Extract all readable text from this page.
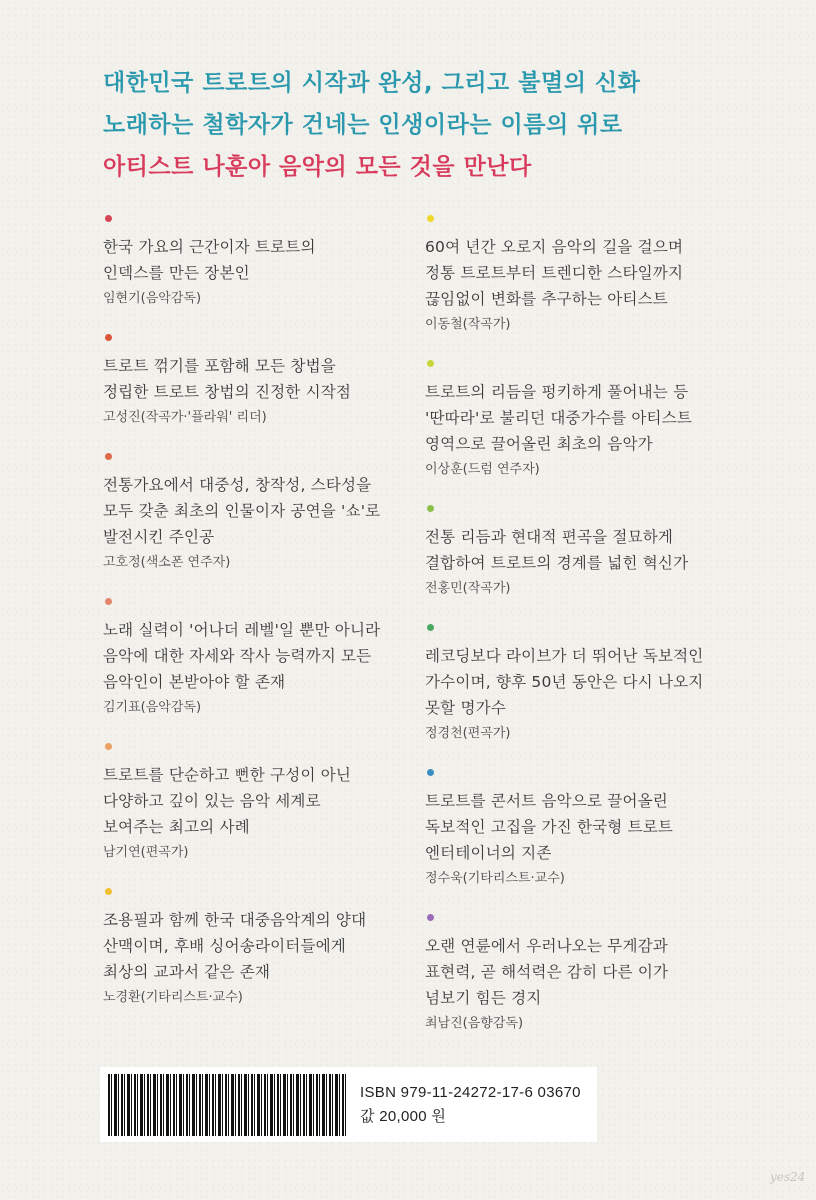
대한민국 트로트의 시작과 완성, 그리고 불멸의 신화
노래하는 철학자가 건네는 인생이라는 이름의 위로
아티스트 나훈아 음악의 모든 것을 만난다
한국 가요의 근간이자 트로트의
인덱스를 만든 장본인
임현기(음악감독)
트로트 꺾기를 포함해 모든 창법을
정립한 트로트 창법의 진정한 시작점
고성진(작곡가·'플라워' 리더)
전통가요에서 대중성, 창작성, 스타성을
모두 갖춘 최초의 인물이자 공연을 '쇼'로
발전시킨 주인공
고호정(색소폰 연주자)
노래 실력이 '어나더 레벨'일 뿐만 아니라
음악에 대한 자세와 작사 능력까지 모든
음악인이 본받아야 할 존재
김기표(음악감독)
트로트를 단순하고 뻔한 구성이 아닌
다양하고 깊이 있는 음악 세계로
보여주는 최고의 사례
남기연(편곡가)
조용필과 함께 한국 대중음악계의 양대
산맥이며, 후배 싱어송라이터들에게
최상의 교과서 같은 존재
노경환(기타리스트·교수)
60여 년간 오로지 음악의 길을 걸으며
정통 트로트부터 트렌디한 스타일까지
끊임없이 변화를 추구하는 아티스트
이동철(작곡가)
트로트의 리듬을 펑키하게 풀어내는 등
'딴따라'로 불리던 대중가수를 아티스트
영역으로 끌어올린 최초의 음악가
이상훈(드럼 연주자)
전통 리듬과 현대적 편곡을 절묘하게
결합하여 트로트의 경계를 넓힌 혁신가
전홍민(작곡가)
레코딩보다 라이브가 더 뛰어난 독보적인
가수이며, 향후 50년 동안은 다시 나오지
못할 명가수
정경천(편곡가)
트로트를 콘서트 음악으로 끌어올린
독보적인 고집을 가진 한국형 트로트
엔터테이너의 지존
정수욱(기타리스트·교수)
오랜 연륜에서 우러나오는 무게감과
표현력, 곧 해석력은 감히 다른 이가
넘보기 힘든 경지
최남진(음향감독)
ISBN 979-11-24272-17-6 03670
값 20,000 원
yes24
